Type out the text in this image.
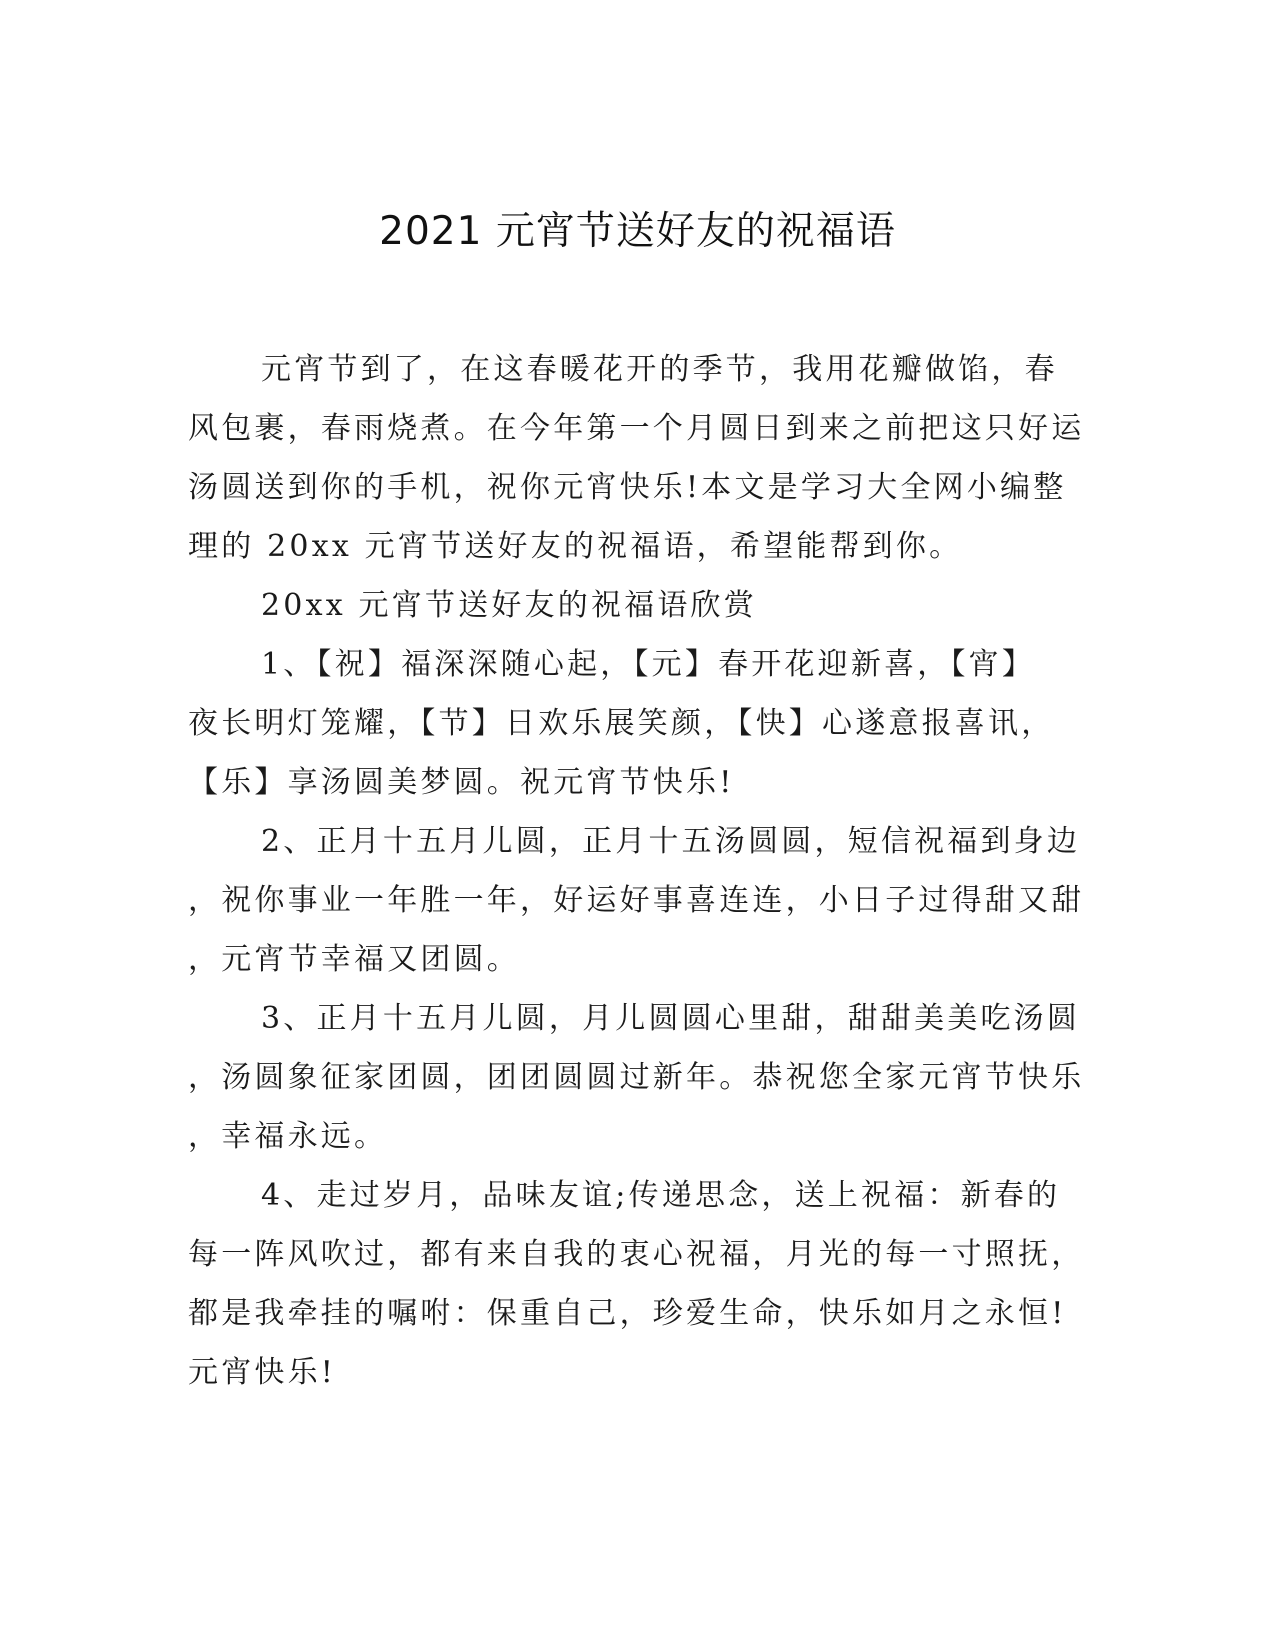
2021 元宵节送好友的祝福语
元宵节到了，在这春暖花开的季节，我用花瓣做馅，春
风包裹，春雨烧煮。在今年第一个月圆日到来之前把这只好运
汤圆送到你的手机，祝你元宵快乐!本文是学习大全网小编整
理的 20xx 元宵节送好友的祝福语，希望能帮到你。
20xx 元宵节送好友的祝福语欣赏
1、【祝】福深深随心起，【元】春开花迎新喜，【宵】
夜长明灯笼耀，【节】日欢乐展笑颜，【快】心遂意报喜讯，
【乐】享汤圆美梦圆。祝元宵节快乐!
2、正月十五月儿圆，正月十五汤圆圆，短信祝福到身边
，祝你事业一年胜一年，好运好事喜连连，小日子过得甜又甜
，元宵节幸福又团圆。
3、正月十五月儿圆，月儿圆圆心里甜，甜甜美美吃汤圆
，汤圆象征家团圆，团团圆圆过新年。恭祝您全家元宵节快乐
，幸福永远。
4、走过岁月，品味友谊;传递思念，送上祝福：新春的
每一阵风吹过，都有来自我的衷心祝福，月光的每一寸照抚，
都是我牵挂的嘱咐：保重自己，珍爱生命，快乐如月之永恒!
元宵快乐!
